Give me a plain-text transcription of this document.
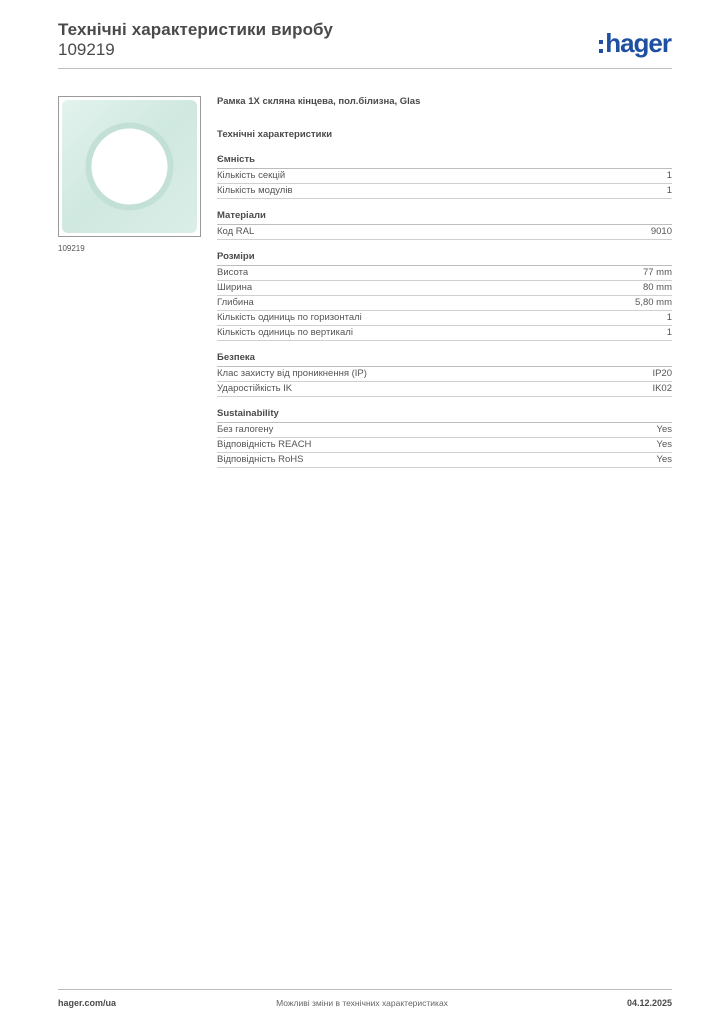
Технічні характеристики виробу
109219	hager
109219
Рамка 1X скляна кінцева, пол.білизна, Glas
Технічні характеристики
Ємність
Кількість секцій	1
Кількість модулів	1
Матеріали
Код RAL	9010
Розміри
Висота	77 mm
Ширина	80 mm
Глибина	5,80 mm
Кількість одиниць по горизонталі	1
Кількість одиниць по вертикалі	1
Безпека
Клас захисту від проникнення (IP)	IP20
Ударостійкість IK	IK02
Sustainability
Без галогену	Yes
Відповідність REACH	Yes
Відповідність RoHS	Yes
hager.com/ua	Можливі зміни в технічних характеристиках	04.12.2025
